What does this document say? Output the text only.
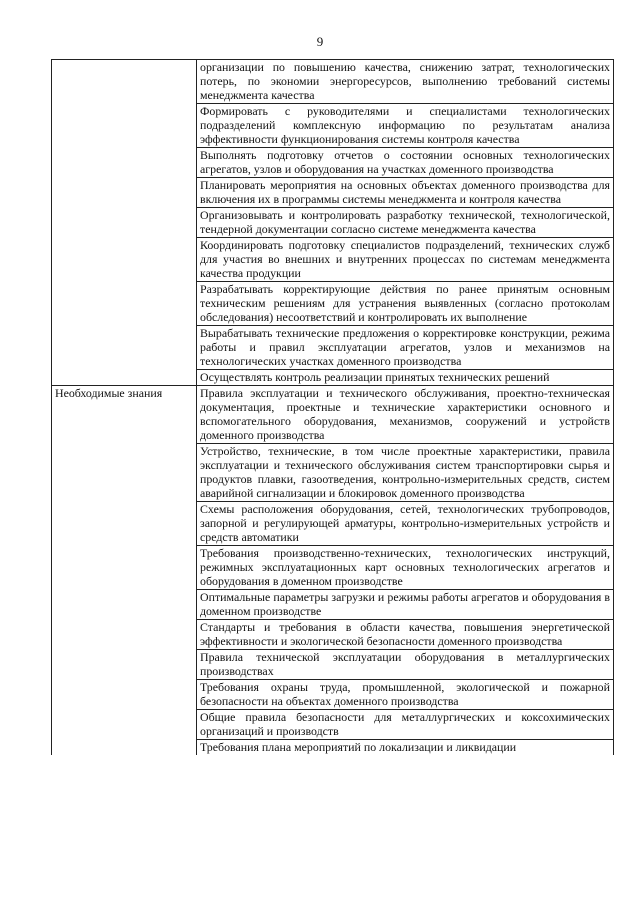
9
	организации по повышению качества, снижению затрат, технологических потерь, по экономии энергоресурсов, выполнению требований системы менеджмента качества
	Формировать с руководителями и специалистами технологических подразделений комплексную информацию по результатам анализа эффективности функционирования системы контроля качества
	Выполнять подготовку отчетов о состоянии основных технологических агрегатов, узлов и оборудования на участках доменного производства
	Планировать мероприятия на основных объектах доменного производства для включения их в программы системы менеджмента и контроля качества
	Организовывать и контролировать разработку технической, технологической, тендерной документации согласно системе менеджмента качества
	Координировать подготовку специалистов подразделений, технических служб для участия во внешних и внутренних процессах по системам менеджмента качества продукции
	Разрабатывать корректирующие действия по ранее принятым основным техническим решениям для устранения выявленных (согласно протоколам обследования) несоответствий и контролировать их выполнение
	Вырабатывать технические предложения о корректировке конструкции, режима работы и правил эксплуатации агрегатов, узлов и механизмов на технологических участках доменного производства
	Осуществлять контроль реализации принятых технических решений
Необходимые знания	Правила эксплуатации и технического обслуживания, проектно-техническая документация, проектные и технические характеристики основного и вспомогательного оборудования, механизмов, сооружений и устройств доменного производства
	Устройство, технические, в том числе проектные характеристики, правила эксплуатации и технического обслуживания систем транспортировки сырья и продуктов плавки, газоотведения, контрольно-измерительных средств, систем аварийной сигнализации и блокировок доменного производства
	Схемы расположения оборудования, сетей, технологических трубопроводов, запорной и регулирующей арматуры, контрольно-измерительных устройств и средств автоматики
	Требования производственно-технических, технологических инструкций, режимных эксплуатационных карт основных технологических агрегатов и оборудования в доменном производстве
	Оптимальные параметры загрузки и режимы работы агрегатов и оборудования в доменном производстве
	Стандарты и требования в области качества, повышения энергетической эффективности и экологической безопасности доменного производства
	Правила технической эксплуатации оборудования в металлургических производствах
	Требования охраны труда, промышленной, экологической и пожарной безопасности на объектах доменного производства
	Общие правила безопасности для металлургических и коксохимических организаций и производств
	Требования плана мероприятий по локализации и ликвидации
